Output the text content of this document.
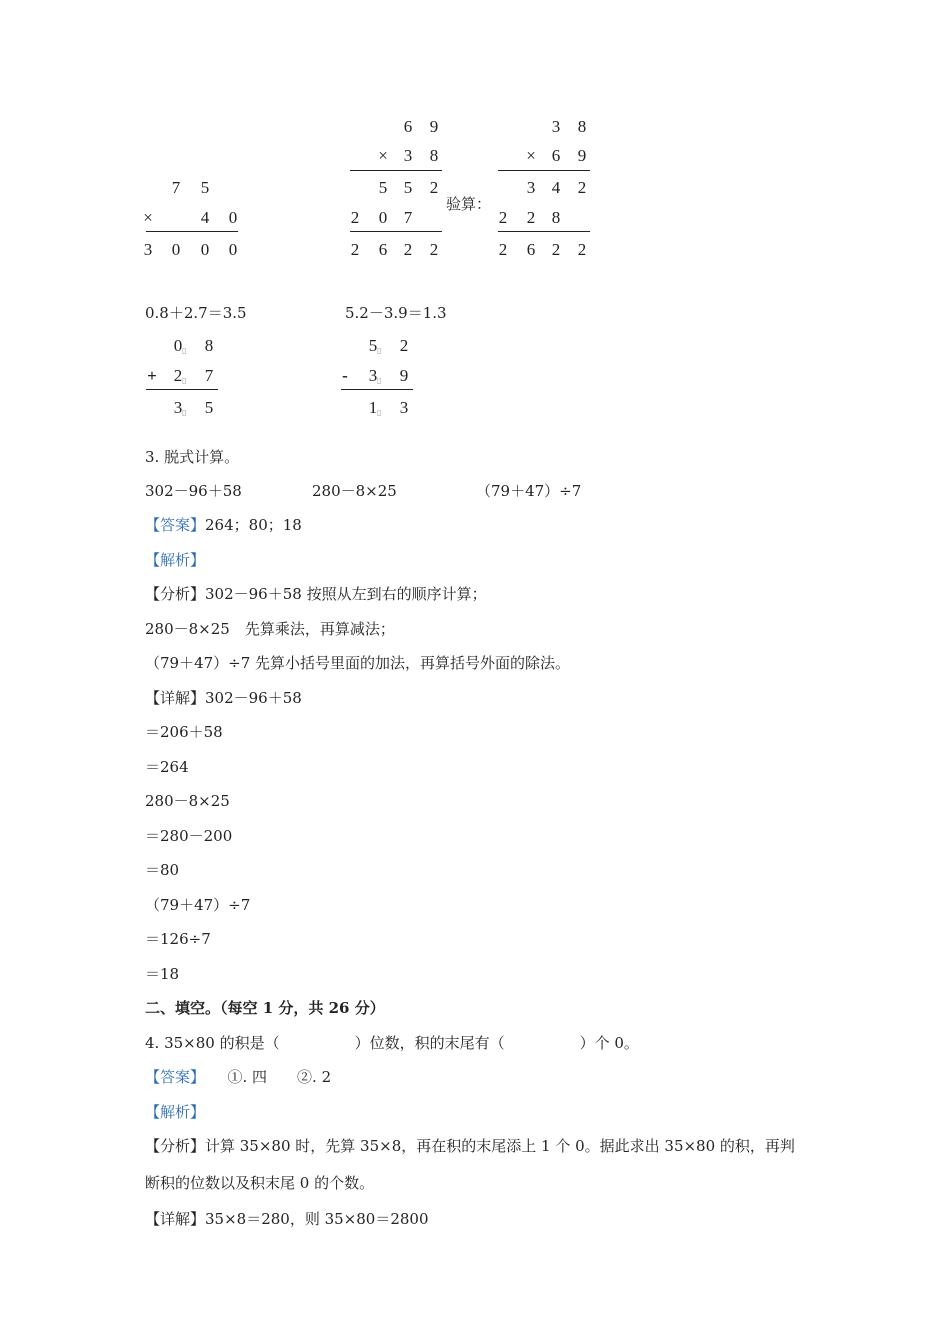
7	5
×	4	0
3	0	0	0
6	9
× 3	8
5 5	2
2	0 7
2	6 2	2
验算：
3	8
× 6	9
3 4	2
2	2 8
2	6 2	2
0.8＋2.7＝3.5	5.2－3.9＝1.3
0 ▯	8
+ 2 ▯	7
3 ▯	5
5 ▯	2
-	3 ▯	9
1 ▯	3
3. 脱式计算。
302－96＋58	280－8×25	（79＋47）÷7
【答案】264；80；18
【解析】
【分析】302－96＋58 按照从左到右的顺序计算；
280－8×25　先算乘法，再算减法；
（79＋47）÷7 先算小括号里面的加法，再算括号外面的除法。
【详解】302－96＋58
＝206＋58
＝264
280－8×25
＝280－200
＝80
（79＋47）÷7
＝126÷7
＝18
二、填空。（每空 1 分，共 26 分）
4. 35×80 的积是（　　　　　）位数，积的末尾有（　　　　　）个 0。
【答案】　　①. 四　　②. 2
【解析】
【分析】计算 35×80 时，先算 35×8，再在积的末尾添上 1 个 0。据此求出 35×80 的积，再判
断积的位数以及积末尾 0 的个数。
【详解】35×8＝280，则 35×80＝2800
